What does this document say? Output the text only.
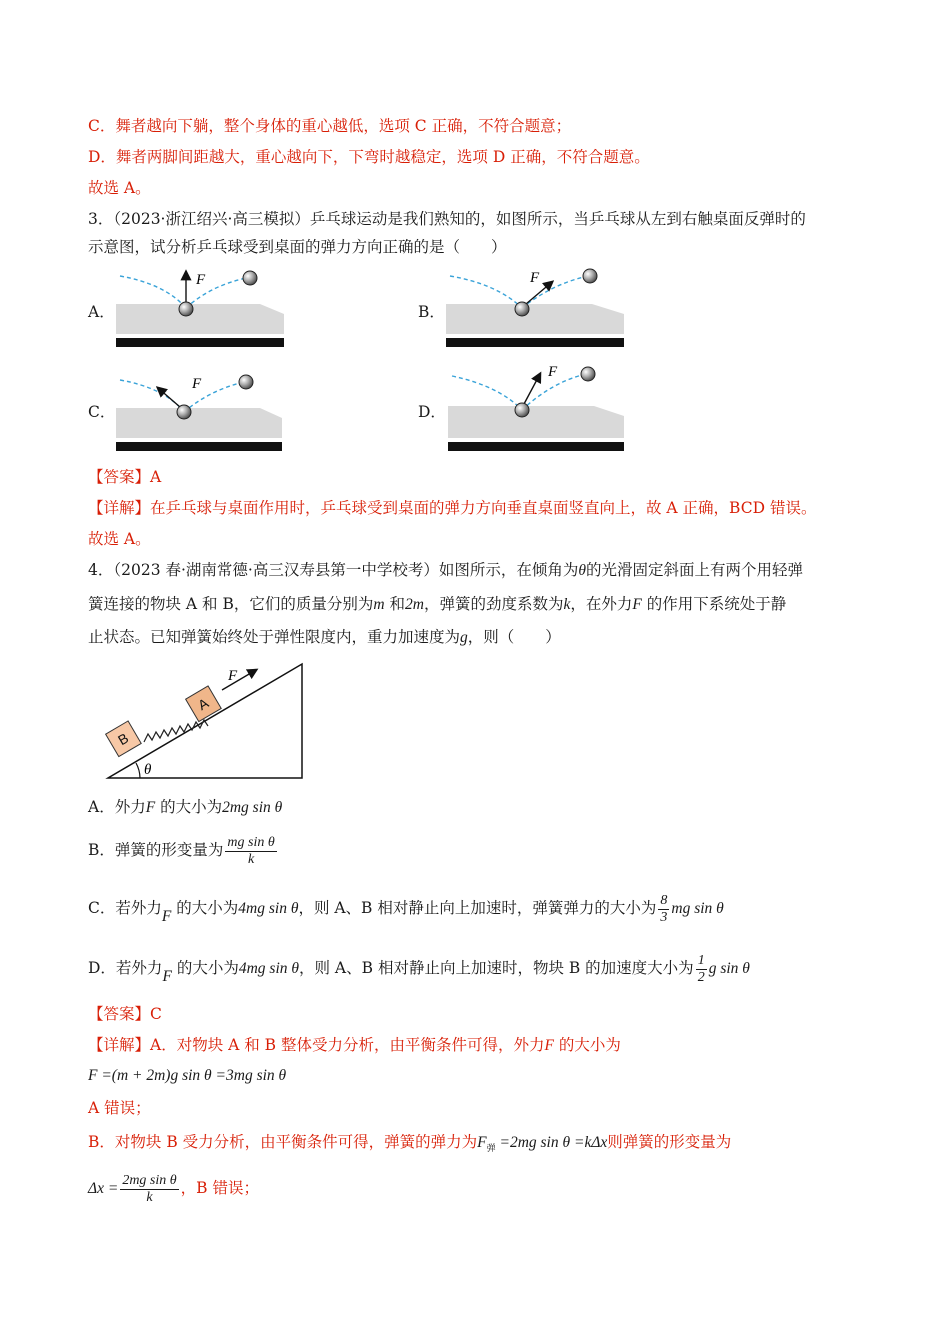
C．舞者越向下躺，整个身体的重心越低，选项 C 正确，不符合题意；
D．舞者两脚间距越大，重心越向下，下弯时越稳定，选项 D 正确，不符合题意。
故选 A。
3．（2023·浙江绍兴·高三模拟）乒乓球运动是我们熟知的，如图所示，当乒乓球从左到右触桌面反弹时的
示意图，试分析乒乓球受到桌面的弹力方向正确的是（　　）
A．	B．
C．	D．
F	F
F
F
【答案】A
【详解】在乒乓球与桌面作用时，乒乓球受到桌面的弹力方向垂直桌面竖直向上，故 A 正确，BCD 错误。
故选 A。
4．（2023 春·湖南常德·高三汉寿县第一中学校考）如图所示，在倾角为θ的光滑固定斜面上有两个用轻弹
簧连接的物块 A 和 B，它们的质量分别为m 和2m，弹簧的劲度系数为k，在外力F 的作用下系统处于静
止状态。已知弹簧始终处于弹性限度内，重力加速度为g，则（　　）
θ
B
A
F
A．外力F 的大小为2mg sin θ
B．弹簧的形变量为 $\frac{\text{mg sin θ}}{k}$
C．若外力F 的大小为4mg sin θ，则 A、B 相对静止向上加速时，弹簧弹力的大小为 $\frac{8}{3}$ mg sin θ
D．若外力F 的大小为4mg sin θ，则 A、B 相对静止向上加速时，物块 B 的加速度大小为 $\frac{1}{2}$ g sin θ
【答案】C
【详解】A．对物块 A 和 B 整体受力分析，由平衡条件可得，外力F 的大小为
F =(m + 2m)g sin θ =3mg sin θ
A 错误；
B．对物块 B 受力分析，由平衡条件可得，弹簧的弹力为$F_弹 =2mg$ sin θ =kΔx则弹簧的形变量为
$\Delta x = \frac{\text{2mg sin θ}}{k}$ ，B 错误；
